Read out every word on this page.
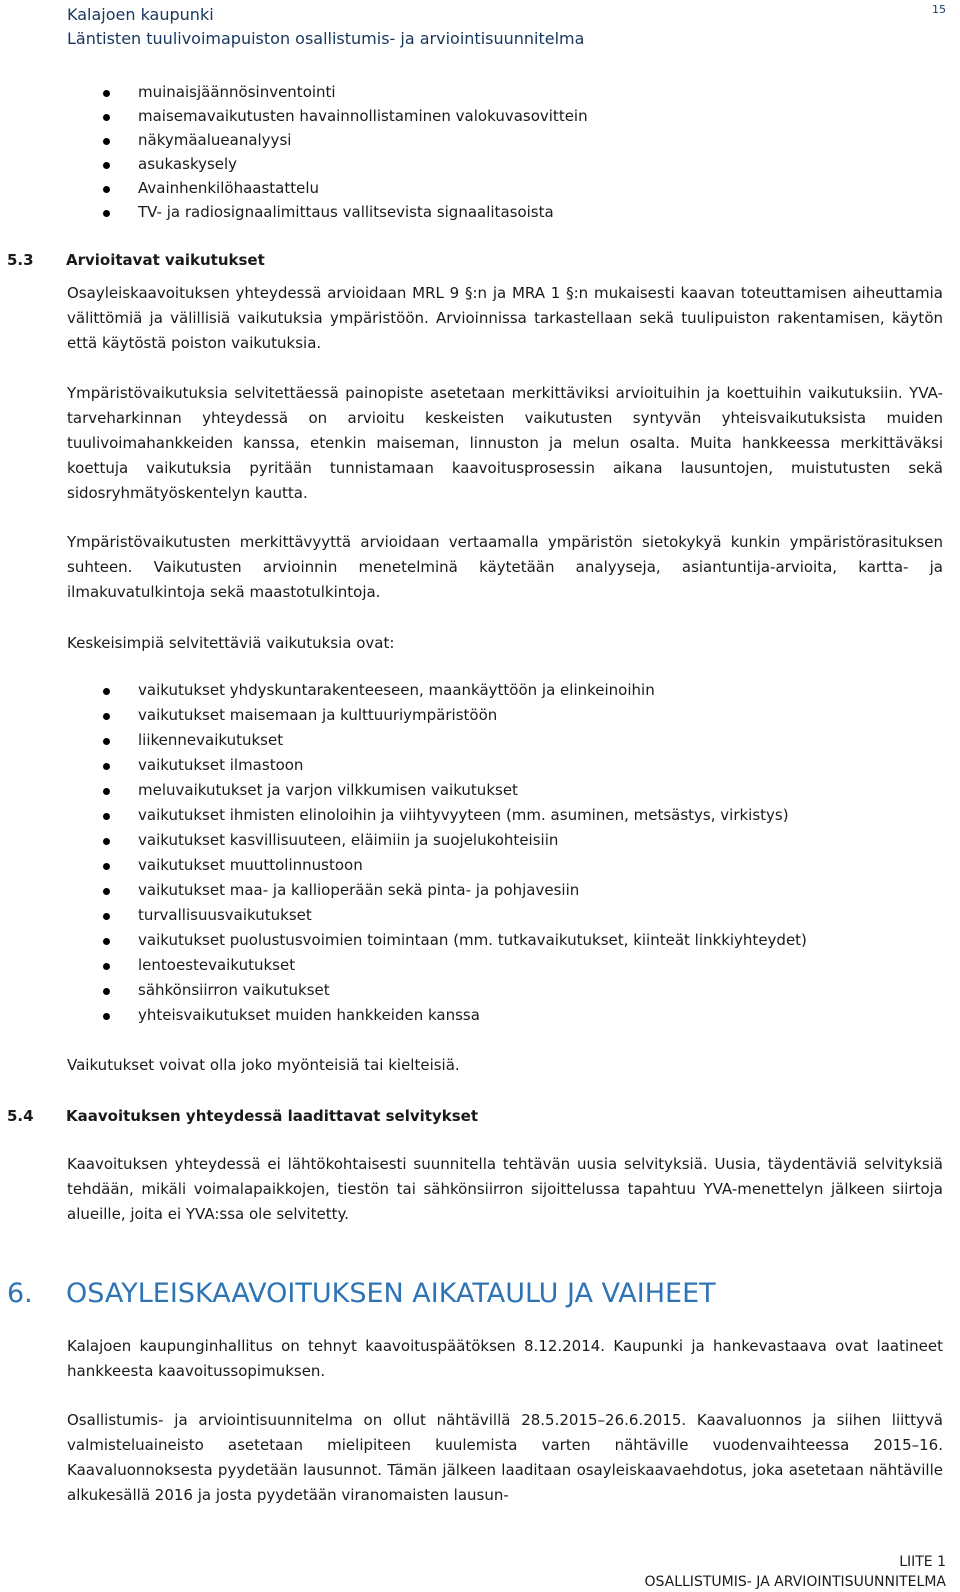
Kalajoen kaupunki
Läntisten tuulivoimapuiston osallistumis- ja arviointisuunnitelma
15
muinaisjäännösinventointi
maisemavaikutusten havainnollistaminen valokuvasovittein
näkymäalueanalyysi
asukaskysely
Avainhenkilöhaastattelu
TV- ja radiosignaalimittaus vallitsevista signaalitasoista
5.3 Arvioitavat vaikutukset

Osayleiskaavoituksen yhteydessä arvioidaan MRL 9 §:n ja MRA 1 §:n mukaisesti kaavan toteuttamisen aiheuttamia välittömiä ja välillisiä vaikutuksia ympäristöön. Arvioinnissa tarkastellaan sekä tuulipuiston rakentamisen, käytön että käytöstä poiston vaikutuksia.

Ympäristövaikutuksia selvitettäessä painopiste asetetaan merkittäviksi arvioituihin ja koettuihin vaikutuksiin. YVA-tarveharkinnan yhteydessä on arvioitu keskeisten vaikutusten syntyvän yhteisvaikutuksista muiden tuulivoimahankkeiden kanssa, etenkin maiseman, linnuston ja melun osalta. Muita hankkeessa merkittäväksi koettuja vaikutuksia pyritään tunnistamaan kaavoitusprosessin aikana lausuntojen, muistutusten sekä sidosryhmätyöskentelyn kautta.

Ympäristövaikutusten merkittävyyttä arvioidaan vertaamalla ympäristön sietokykyä kunkin ympäristörasituksen suhteen. Vaikutusten arvioinnin menetelminä käytetään analyyseja, asiantuntija-arvioita, kartta- ja ilmakuvatulkintoja sekä maastotulkintoja.

Keskeisimpiä selvitettäviä vaikutuksia ovat:

vaikutukset yhdyskuntarakenteeseen, maankäyttöön ja elinkeinoihin
vaikutukset maisemaan ja kulttuuriympäristöön
liikennevaikutukset
vaikutukset ilmastoon
meluvaikutukset ja varjon vilkkumisen vaikutukset
vaikutukset ihmisten elinoloihin ja viihtyvyyteen (mm. asuminen, metsästys, virkistys)
vaikutukset kasvillisuuteen, eläimiin ja suojelukohteisiin
vaikutukset muuttolinnustoon
vaikutukset maa- ja kallioperään sekä pinta- ja pohjavesiin
turvallisuusvaikutukset
vaikutukset puolustusvoimien toimintaan (mm. tutkavaikutukset, kiinteät linkkiyhteydet)
lentoestevaikutukset
sähkönsiirron vaikutukset
yhteisvaikutukset muiden hankkeiden kanssa

Vaikutukset voivat olla joko myönteisiä tai kielteisiä.

5.4 Kaavoituksen yhteydessä laadittavat selvitykset

Kaavoituksen yhteydessä ei lähtökohtaisesti suunnitella tehtävän uusia selvityksiä. Uusia, täydentäviä selvityksiä tehdään, mikäli voimalapaikkojen, tiestön tai sähkönsiirron sijoittelussa tapahtuu YVA-menettelyn jälkeen siirtoja alueille, joita ei YVA:ssa ole selvitetty.

6. OSAYLEISKAAVOITUKSEN AIKATAULU JA VAIHEET

Kalajoen kaupunginhallitus on tehnyt kaavoituspäätöksen 8.12.2014. Kaupunki ja hankevastaava ovat laatineet hankkeesta kaavoitussopimuksen.

Osallistumis- ja arviointisuunnitelma on ollut nähtävillä 28.5.2015–26.6.2015. Kaavaluonnos ja siihen liittyvä valmisteluaineisto asetetaan mielipiteen kuulemista varten nähtäville vuodenvaihteessa 2015–16. Kaavaluonnoksesta pyydetään lausunnot. Tämän jälkeen laaditaan osayleiskaavaehdotus, joka asetetaan nähtäville alkukesällä 2016 ja josta pyydetään viranomaisten lausun-

LIITE 1
OSALLISTUMIS- JA ARVIOINTISUUNNITELMA
